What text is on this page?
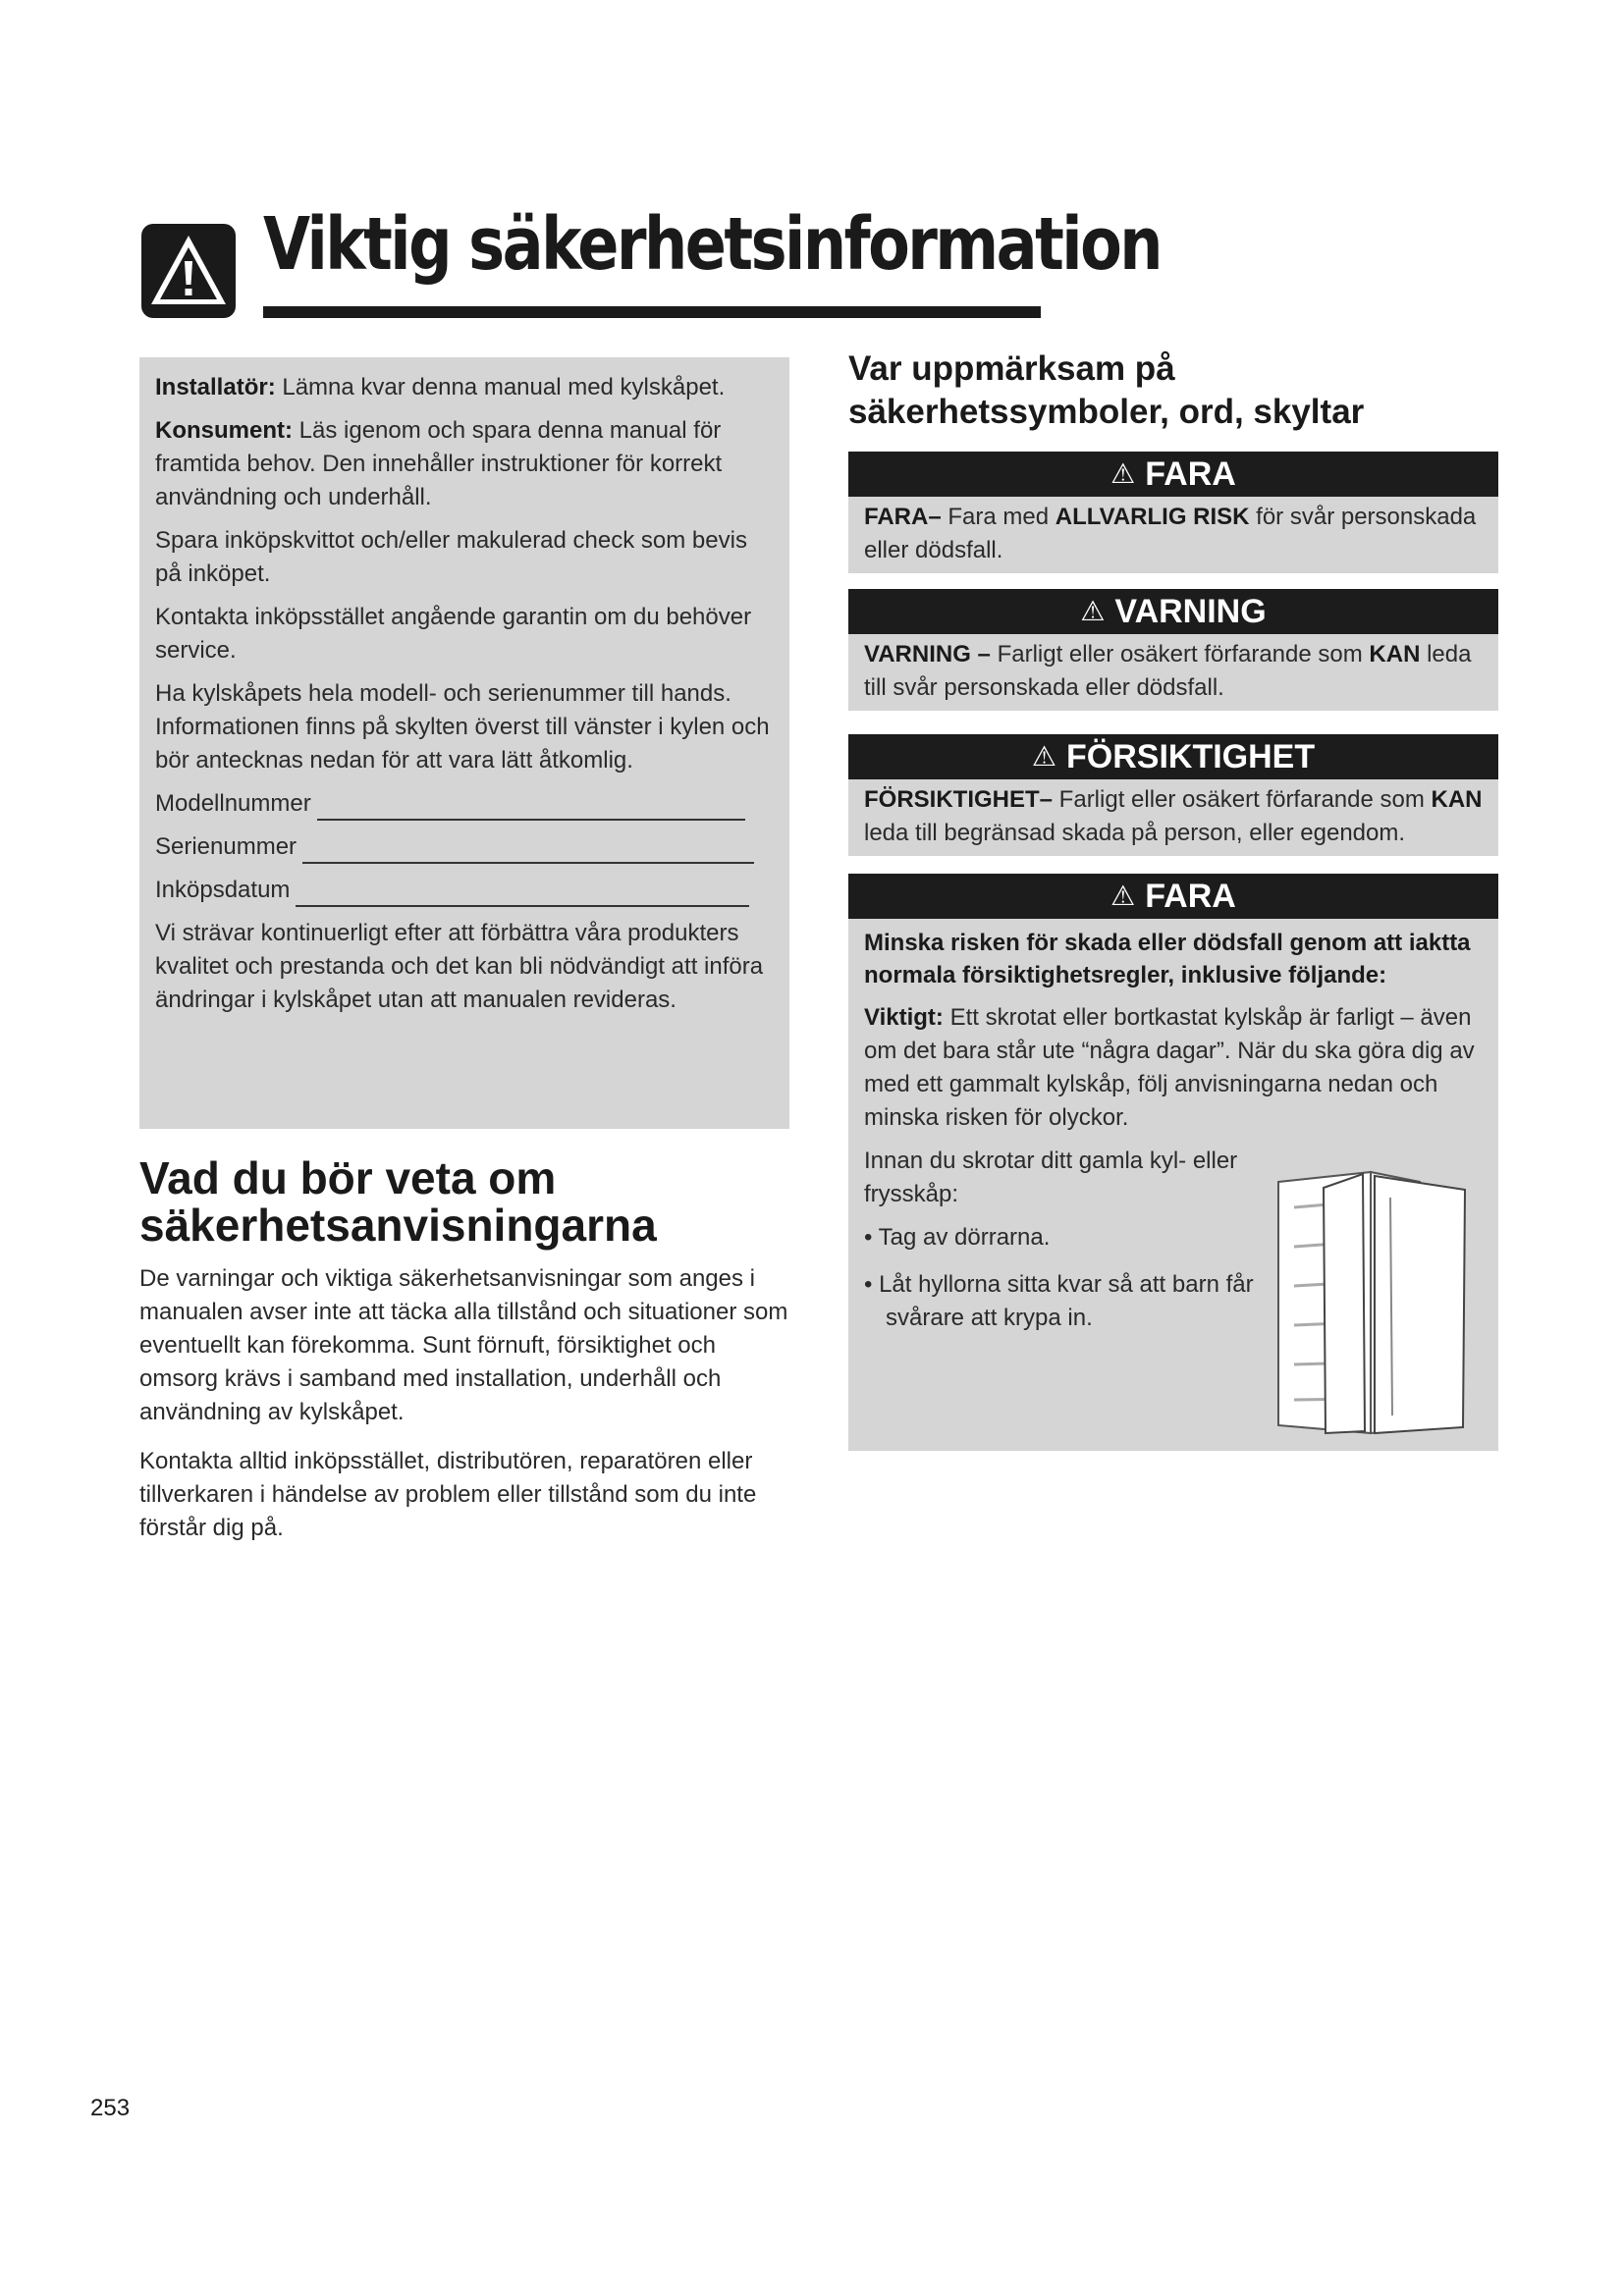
Viktig säkerhetsinformation

Installatör: Lämna kvar denna manual med kylskåpet.

Konsument: Läs igenom och spara denna manual för framtida behov. Den innehåller instruktioner för korrekt användning och underhåll.

Spara inköpskvittot och/eller makulerad check som bevis på inköpet.

Kontakta inköpsstället angående garantin om du behöver service.

Ha kylskåpets hela modell- och serienummer till hands. Informationen finns på skylten överst till vänster i kylen och bör antecknas nedan för att vara lätt åtkomlig.

Modellnummer
Serienummer
Inköpsdatum

Vi strävar kontinuerligt efter att förbättra våra produkters kvalitet och prestanda och det kan bli nödvändigt att införa ändringar i kylskåpet utan att manualen revideras.

Vad du bör veta om säkerhetsanvisningarna

De varningar och viktiga säkerhetsanvisningar som anges i manualen avser inte att täcka alla tillstånd och situationer som eventuellt kan förekomma. Sunt förnuft, försiktighet och omsorg krävs i samband med installation, underhåll och användning av kylskåpet.

Kontakta alltid inköpsstället, distributören, reparatören eller tillverkaren i händelse av problem eller tillstånd som du inte förstår dig på.

Var uppmärksam på säkerhetssymboler, ord, skyltar
⚠ FARA
FARA– Fara med ALLVARLIG RISK för svår personskada eller dödsfall.
⚠ VARNING
VARNING – Farligt eller osäkert förfarande som KAN leda till svår personskada eller dödsfall.
⚠ FÖRSIKTIGHET
FÖRSIKTIGHET– Farligt eller osäkert förfarande som KAN leda till begränsad skada på person, eller egendom.
⚠ FARA

Minska risken för skada eller dödsfall genom att iaktta normala försiktighetsregler, inklusive följande:

Viktigt: Ett skrotat eller bortkastat kylskåp är farligt – även om det bara står ute “några dagar”. När du ska göra dig av med ett gammalt kylskåp, följ anvisningarna nedan och
minska risken för olyckor.

Innan du skrotar ditt gamla kyl- eller frysskåp:

• Tag av dörrarna.
• Låt hyllorna sitta kvar så att barn får svårare att krypa in.
253
